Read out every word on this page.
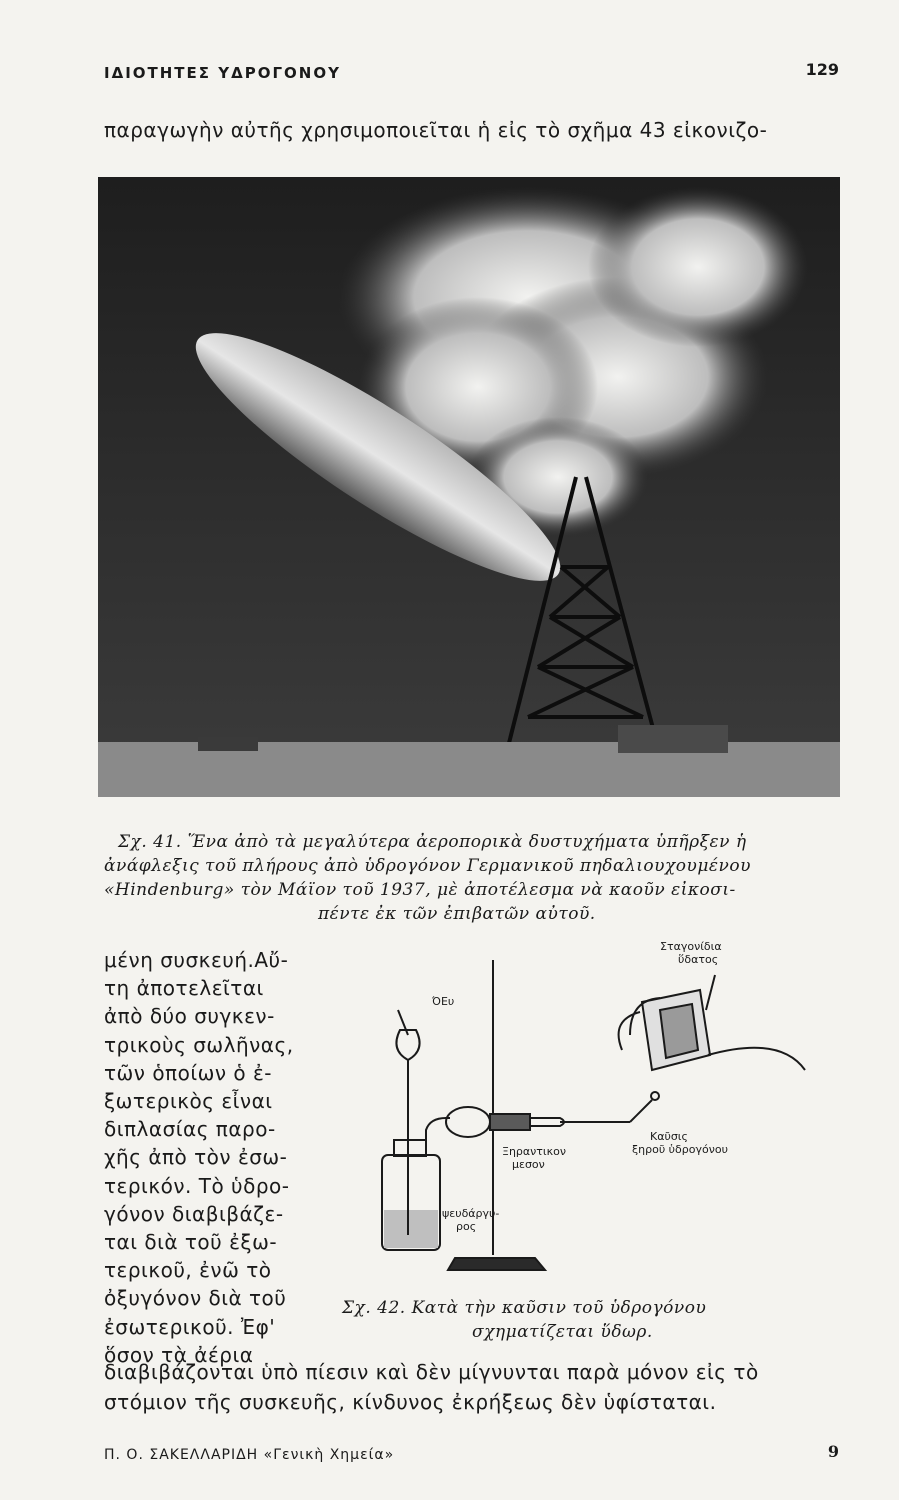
ΙΔΙΟΤΗΤΕΣ ΥΔΡΟΓΟΝΟΥ	129
παραγωγὴν αὐτῆς χρησιμοποιεῖται ἡ εἰς τὸ σχῆμα 43 εἰκονιζο-
Σχ. 41. Ἕνα ἀπὸ τὰ μεγαλύτερα ἀεροπορικὰ δυστυχήματα ὑπῆρξεν ἡ
ἀνάφλεξις τοῦ πλήρους ἀπὸ ὑδρογόνον Γερμανικοῦ πηδαλιουχουμένου
«Hindenburg» τὸν Μάϊον τοῦ 1937, μὲ ἀποτέλεσμα νὰ καοῦν εἰκοσι-
πέντε ἐκ τῶν ἐπιβατῶν αὐτοῦ.
μένη συσκευή.Αὔ-
τη ἀποτελεῖται
ἀπὸ δύο συγκεν-
τρικοὺς σωλῆνας,
τῶν ὁποίων ὁ ἐ-
ξωτερικὸς εἶναι
διπλασίας παρο-
χῆς ἀπὸ τὸν ἐσω-
τερικόν. Τὸ ὑδρο-
γόνον διαβιβάζε-
ται διὰ τοῦ ἐξω-
τερικοῦ, ἐνῶ τὸ
ὀξυγόνον διὰ τοῦ
ἐσωτερικοῦ. Ἐφ'
ὅσον τὰ ἀέρια
Σταγονίδια
ὕδατος
ΌΕυ
Ξηραντικον
μεσον
Καῦσις
ξηροῦ ὑδρογόνου
ψευδάργυ-
ρος
Σχ. 42. Κατὰ τὴν καῦσιν τοῦ ὑδρογόνου
σχηματίζεται ὕδωρ.
διαβιβάζονται ὑπὸ πίεσιν καὶ δὲν μίγνυνται παρὰ μόνον εἰς τὸ
στόμιον τῆς συσκευῆς, κίνδυνος ἐκρήξεως δὲν ὑφίσταται.
Π. Ο. ΣΑΚΕΛΛΑΡΙΔΗ «Γενικὴ Χημεία»	9
